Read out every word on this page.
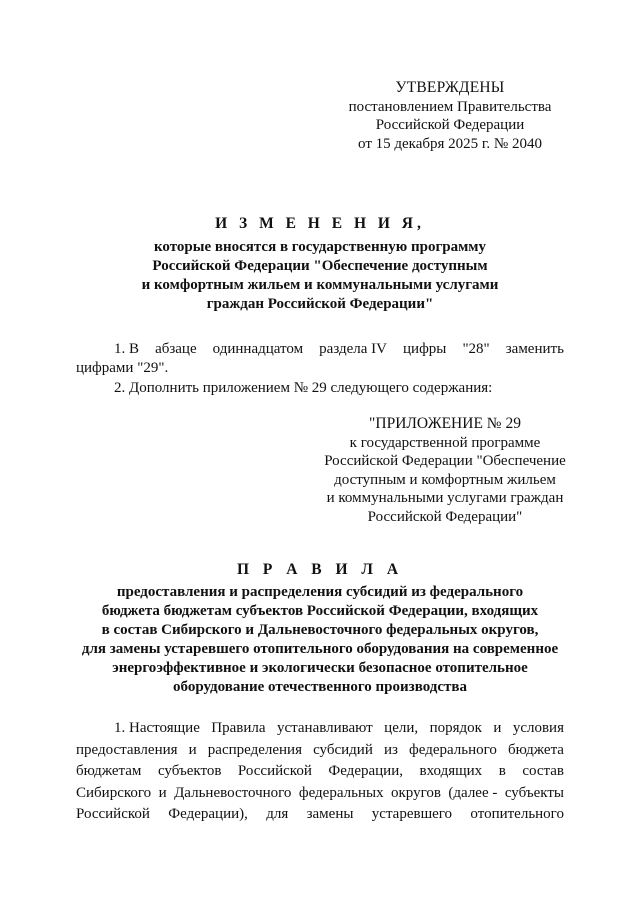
УТВЕРЖДЕНЫ
постановлением Правительства
Российской Федерации
от 15 декабря 2025 г. № 2040
И З М Е Н Е Н И Я,
которые вносятся в государственную программу
Российской Федерации "Обеспечение доступным
и комфортным жильем и коммунальными услугами
граждан Российской Федерации"
1. В абзаце одиннадцатом раздела IV цифры "28" заменить
цифрами "29".
2. Дополнить приложением № 29 следующего содержания:
"ПРИЛОЖЕНИЕ № 29
к государственной программе
Российской Федерации "Обеспечение
доступным и комфортным жильем
и коммунальными услугами граждан
Российской Федерации"
П Р А В И Л А
предоставления и распределения субсидий из федерального
бюджета бюджетам субъектов Российской Федерации, входящих
в состав Сибирского и Дальневосточного федеральных округов,
для замены устаревшего отопительного оборудования на современное
энергоэффективное и экологически безопасное отопительное
оборудование отечественного производства
1. Настоящие Правила устанавливают цели, порядок и условия
предоставления и распределения субсидий из федерального бюджета
бюджетам субъектов Российской Федерации, входящих в состав
Сибирского и Дальневосточного федеральных округов (далее - субъекты
Российской Федерации), для замены устаревшего отопительного
